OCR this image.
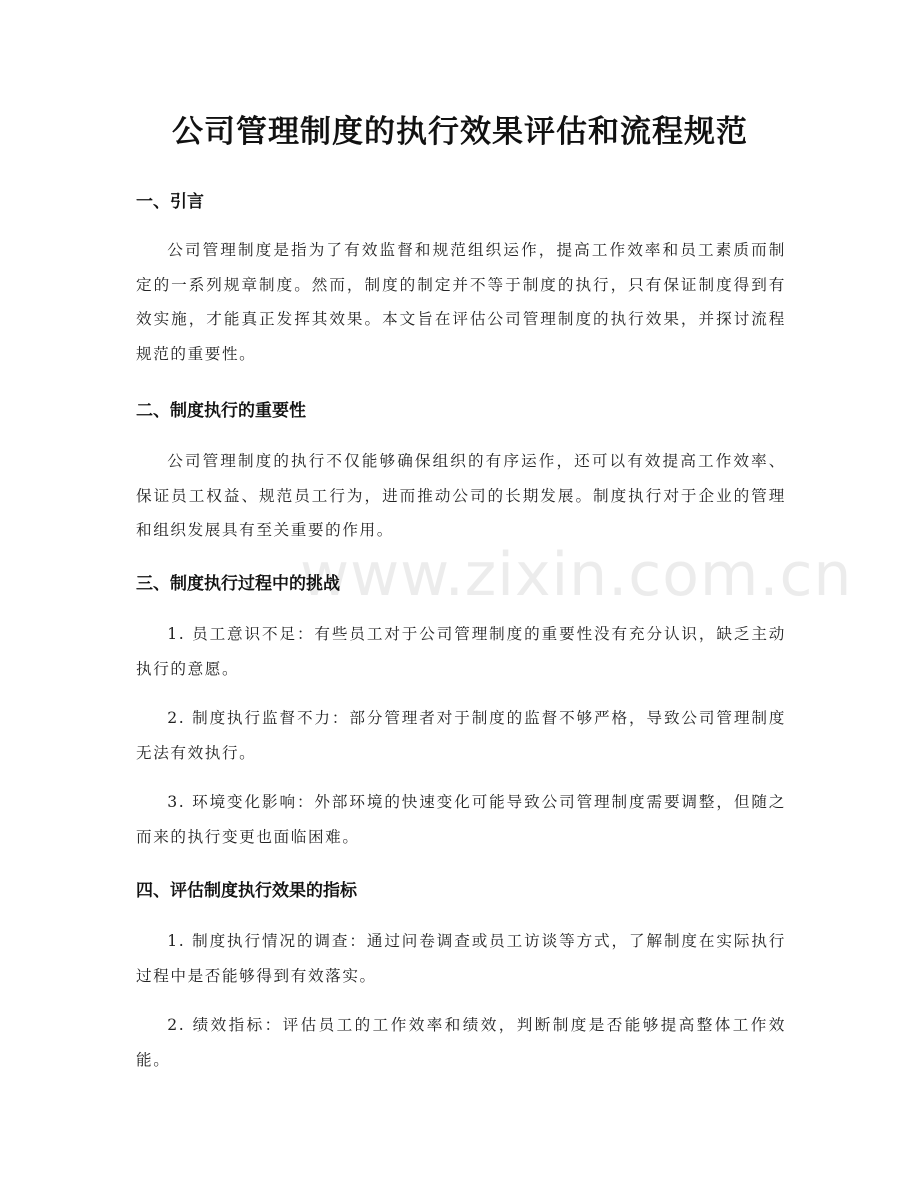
www.zixin.com.cn
公司管理制度的执行效果评估和流程规范
一、引言

公司管理制度是指为了有效监督和规范组织运作，提高工作效率和员工素质而制定的一系列规章制度。然而，制度的制定并不等于制度的执行，只有保证制度得到有效实施，才能真正发挥其效果。本文旨在评估公司管理制度的执行效果，并探讨流程规范的重要性。

二、制度执行的重要性

公司管理制度的执行不仅能够确保组织的有序运作，还可以有效提高工作效率、保证员工权益、规范员工行为，进而推动公司的长期发展。制度执行对于企业的管理和组织发展具有至关重要的作用。

三、制度执行过程中的挑战

1. 员工意识不足：有些员工对于公司管理制度的重要性没有充分认识，缺乏主动执行的意愿。

2. 制度执行监督不力：部分管理者对于制度的监督不够严格，导致公司管理制度无法有效执行。

3. 环境变化影响：外部环境的快速变化可能导致公司管理制度需要调整，但随之而来的执行变更也面临困难。

四、评估制度执行效果的指标

1. 制度执行情况的调查：通过问卷调查或员工访谈等方式，了解制度在实际执行过程中是否能够得到有效落实。

2. 绩效指标：评估员工的工作效率和绩效，判断制度是否能够提高整体工作效能。
